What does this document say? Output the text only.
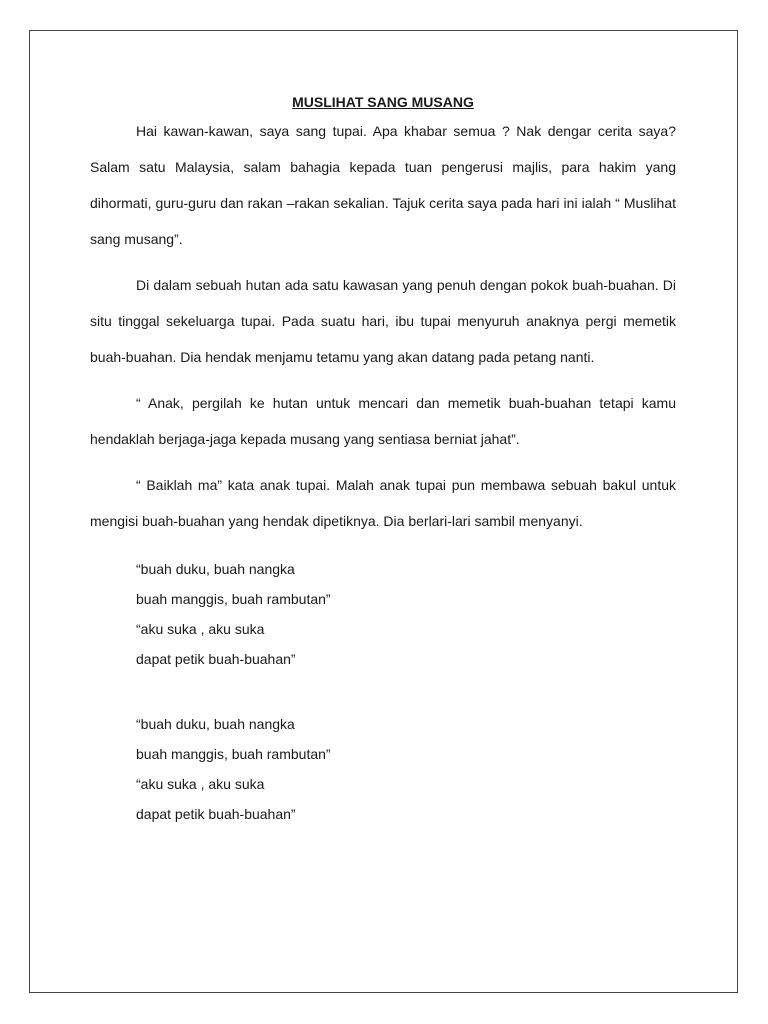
MUSLIHAT SANG MUSANG

Hai kawan-kawan, saya sang tupai. Apa khabar semua ? Nak dengar cerita saya? Salam satu Malaysia, salam bahagia kepada tuan pengerusi majlis, para hakim yang dihormati, guru-guru dan rakan –rakan sekalian. Tajuk cerita saya pada hari ini ialah “ Muslihat sang musang”.

Di dalam sebuah hutan ada satu kawasan yang penuh dengan pokok buah-buahan. Di situ tinggal sekeluarga tupai. Pada suatu hari, ibu tupai menyuruh anaknya pergi memetik buah-buahan. Dia hendak menjamu tetamu yang akan datang pada petang nanti.

“ Anak, pergilah ke hutan untuk mencari dan memetik buah-buahan tetapi kamu hendaklah berjaga-jaga kepada musang yang sentiasa berniat jahat”.

“ Baiklah ma” kata anak tupai. Malah anak tupai pun membawa sebuah bakul untuk mengisi buah-buahan yang hendak dipetiknya. Dia berlari-lari sambil menyanyi.

“buah duku, buah nangka
buah manggis, buah rambutan”
“aku suka , aku suka
dapat petik buah-buahan”
“buah duku, buah nangka
buah manggis, buah rambutan”
“aku suka , aku suka
dapat petik buah-buahan”
